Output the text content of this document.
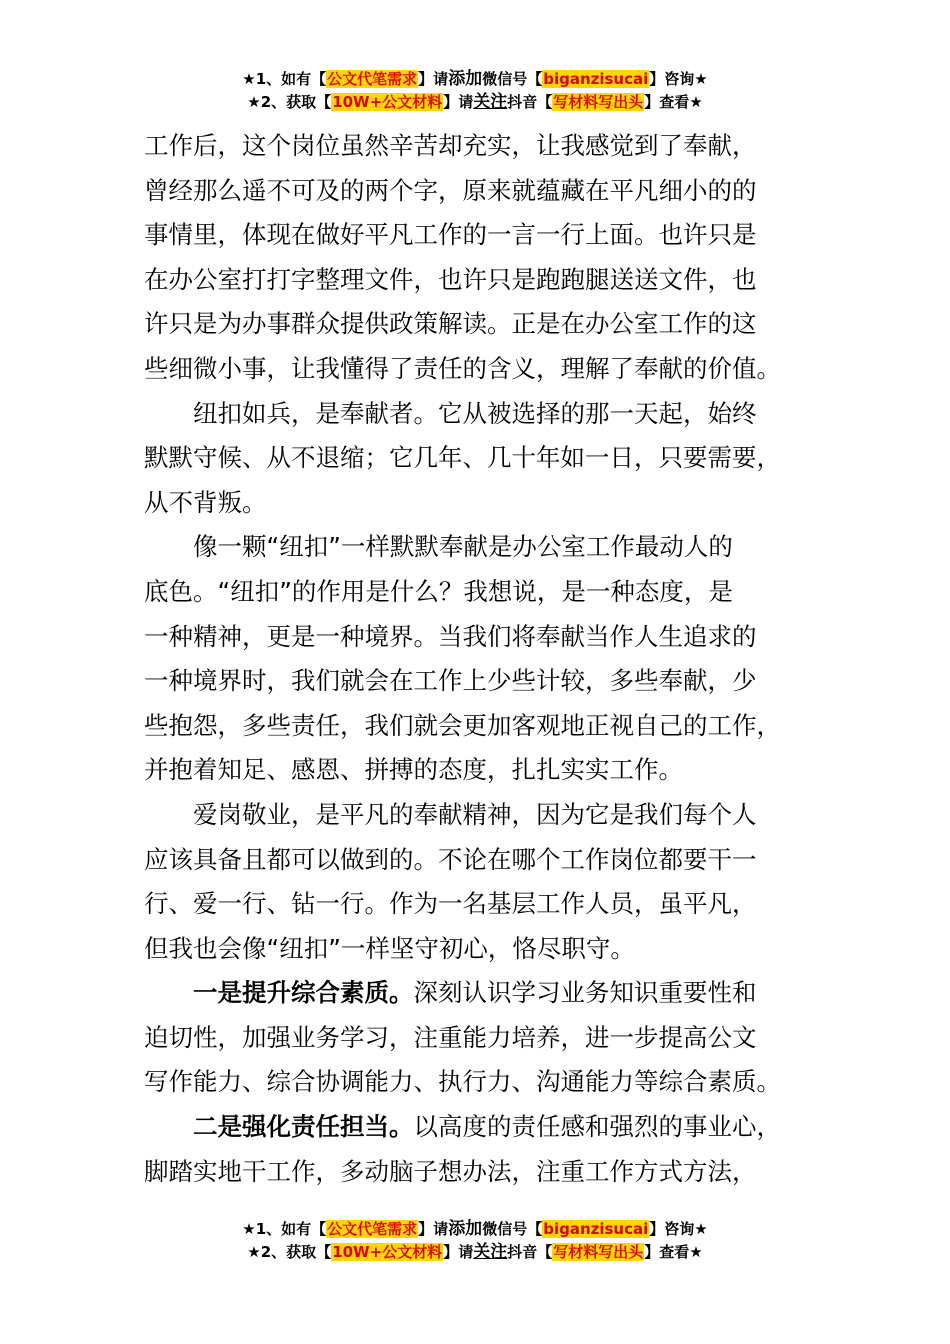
★1、如有【公文代笔需求】请添加微信号【biganzisucai】咨询★
★2、获取【10W+公文材料】请关注抖音【写材料写出头】查看★
工作后，这个岗位虽然辛苦却充实，让我感觉到了奉献，
曾经那么遥不可及的两个字，原来就蕴藏在平凡细小的的
事情里，体现在做好平凡工作的一言一行上面。也许只是
在办公室打打字整理文件，也许只是跑跑腿送送文件，也
许只是为办事群众提供政策解读。正是在办公室工作的这
些细微小事，让我懂得了责任的含义，理解了奉献的价值。
纽扣如兵，是奉献者。它从被选择的那一天起，始终
默默守候、从不退缩；它几年、几十年如一日，只要需要，
从不背叛。
像一颗“纽扣”一样默默奉献是办公室工作最动人的
底色。“纽扣”的作用是什么？我想说，是一种态度，是
一种精神，更是一种境界。当我们将奉献当作人生追求的
一种境界时，我们就会在工作上少些计较，多些奉献，少
些抱怨，多些责任，我们就会更加客观地正视自己的工作，
并抱着知足、感恩、拼搏的态度，扎扎实实工作。
爱岗敬业，是平凡的奉献精神，因为它是我们每个人
应该具备且都可以做到的。不论在哪个工作岗位都要干一
行、爱一行、钻一行。作为一名基层工作人员，虽平凡，
但我也会像“纽扣”一样坚守初心，恪尽职守。
一是提升综合素质。深刻认识学习业务知识重要性和
迫切性，加强业务学习，注重能力培养，进一步提高公文
写作能力、综合协调能力、执行力、沟通能力等综合素质。
二是强化责任担当。以高度的责任感和强烈的事业心，
脚踏实地干工作，多动脑子想办法，注重工作方式方法，
★1、如有【公文代笔需求】请添加微信号【biganzisucai】咨询★
★2、获取【10W+公文材料】请关注抖音【写材料写出头】查看★
